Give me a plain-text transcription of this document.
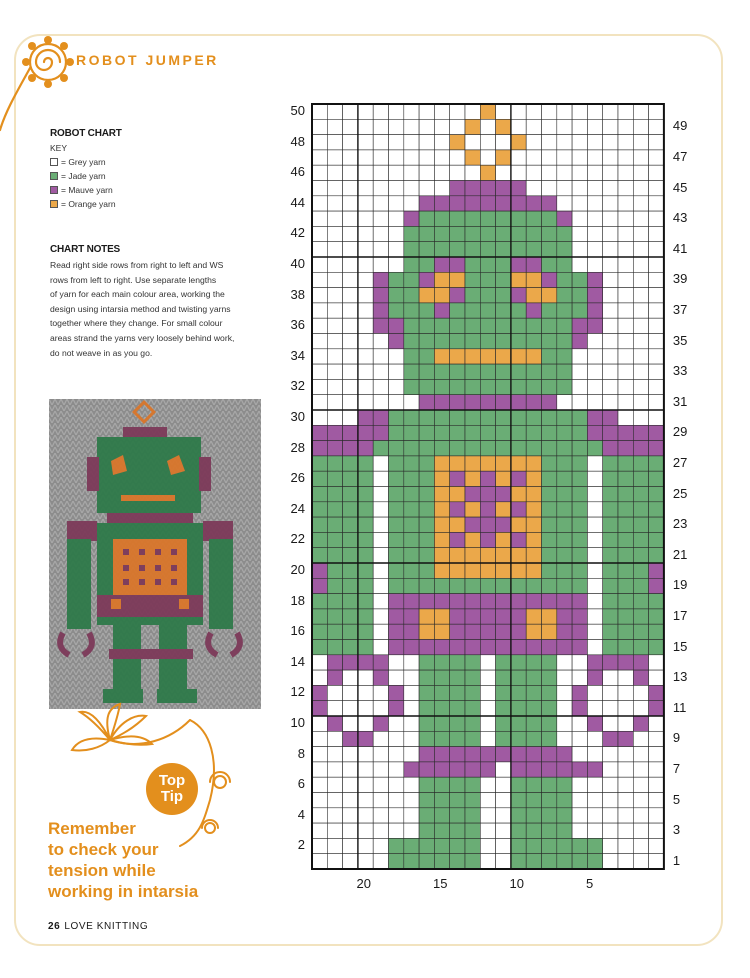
ROBOT JUMPER
ROBOT CHART
KEY
= Grey yarn
= Jade yarn
= Mauve yarn
= Orange yarn
CHART NOTES
Read right side rows from right to left and WS
rows from left to right. Use separate lengths
of yarn for each main colour area, working the
design using intarsia method and twisting yarns
together where they change. For small colour
areas strand the yarns very loosely behind work,
do not weave in as you go.
Top
Tip
Remember
to check your
tension while
working in intarsia
26 LOVE KNITTING
50
48
46
44
42
40
38
36
34
32
30
28
26
24
22
20
18
16
14
12
10
8
6
4
2
49
47
45
43
41
39
37
35
33
31
29
27
25
23
21
19
17
15
13
11
9
7
5
3
1
20	15	10	5
